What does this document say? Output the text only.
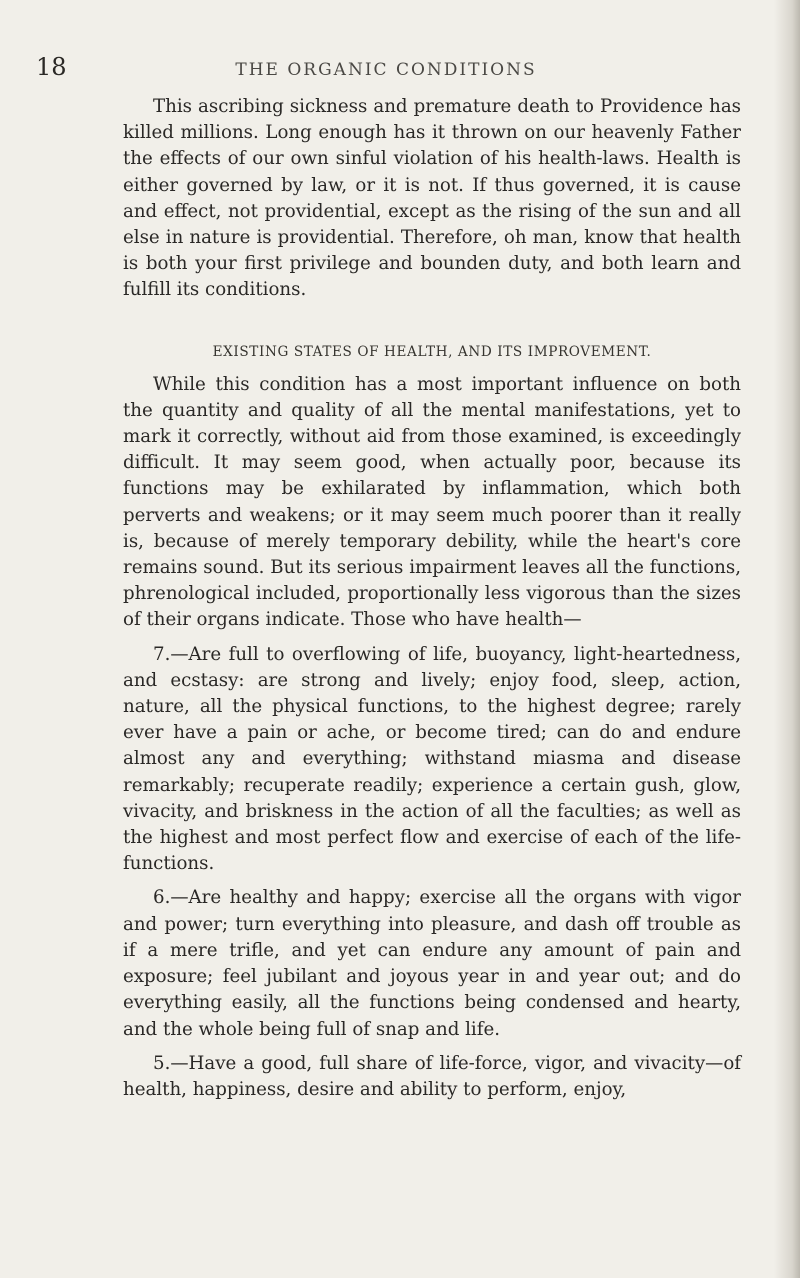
18	THE ORGANIC CONDITIONS

This ascribing sickness and premature death to Providence has killed millions. Long enough has it thrown on our heavenly Father the effects of our own sinful violation of his health-laws. Health is either governed by law, or it is not. If thus governed, it is cause and effect, not providential, except as the rising of the sun and all else in nature is providential. Therefore, oh man, know that health is both your first privilege and bounden duty, and both learn and fulfill its conditions.

EXISTING STATES OF HEALTH, AND ITS IMPROVEMENT.

While this condition has a most important influence on both the quantity and quality of all the mental manifestations, yet to mark it correctly, without aid from those examined, is exceedingly difficult. It may seem good, when actually poor, because its functions may be exhilarated by inflammation, which both perverts and weakens; or it may seem much poorer than it really is, because of merely temporary debility, while the heart's core remains sound. But its serious impairment leaves all the functions, phrenological included, proportionally less vigorous than the sizes of their organs indicate. Those who have health—

7.—Are full to overflowing of life, buoyancy, light-heartedness, and ecstasy: are strong and lively; enjoy food, sleep, action, nature, all the physical functions, to the highest degree; rarely ever have a pain or ache, or become tired; can do and endure almost any and everything; withstand miasma and disease remarkably; recuperate readily; experience a certain gush, glow, vivacity, and briskness in the action of all the faculties; as well as the highest and most perfect flow and exercise of each of the life-functions.

6.—Are healthy and happy; exercise all the organs with vigor and power; turn everything into pleasure, and dash off trouble as if a mere trifle, and yet can endure any amount of pain and exposure; feel jubilant and joyous year in and year out; and do everything easily, all the functions being condensed and hearty, and the whole being full of snap and life.

5.—Have a good, full share of life-force, vigor, and vivacity—of health, happiness, desire and ability to perform, enjoy,
